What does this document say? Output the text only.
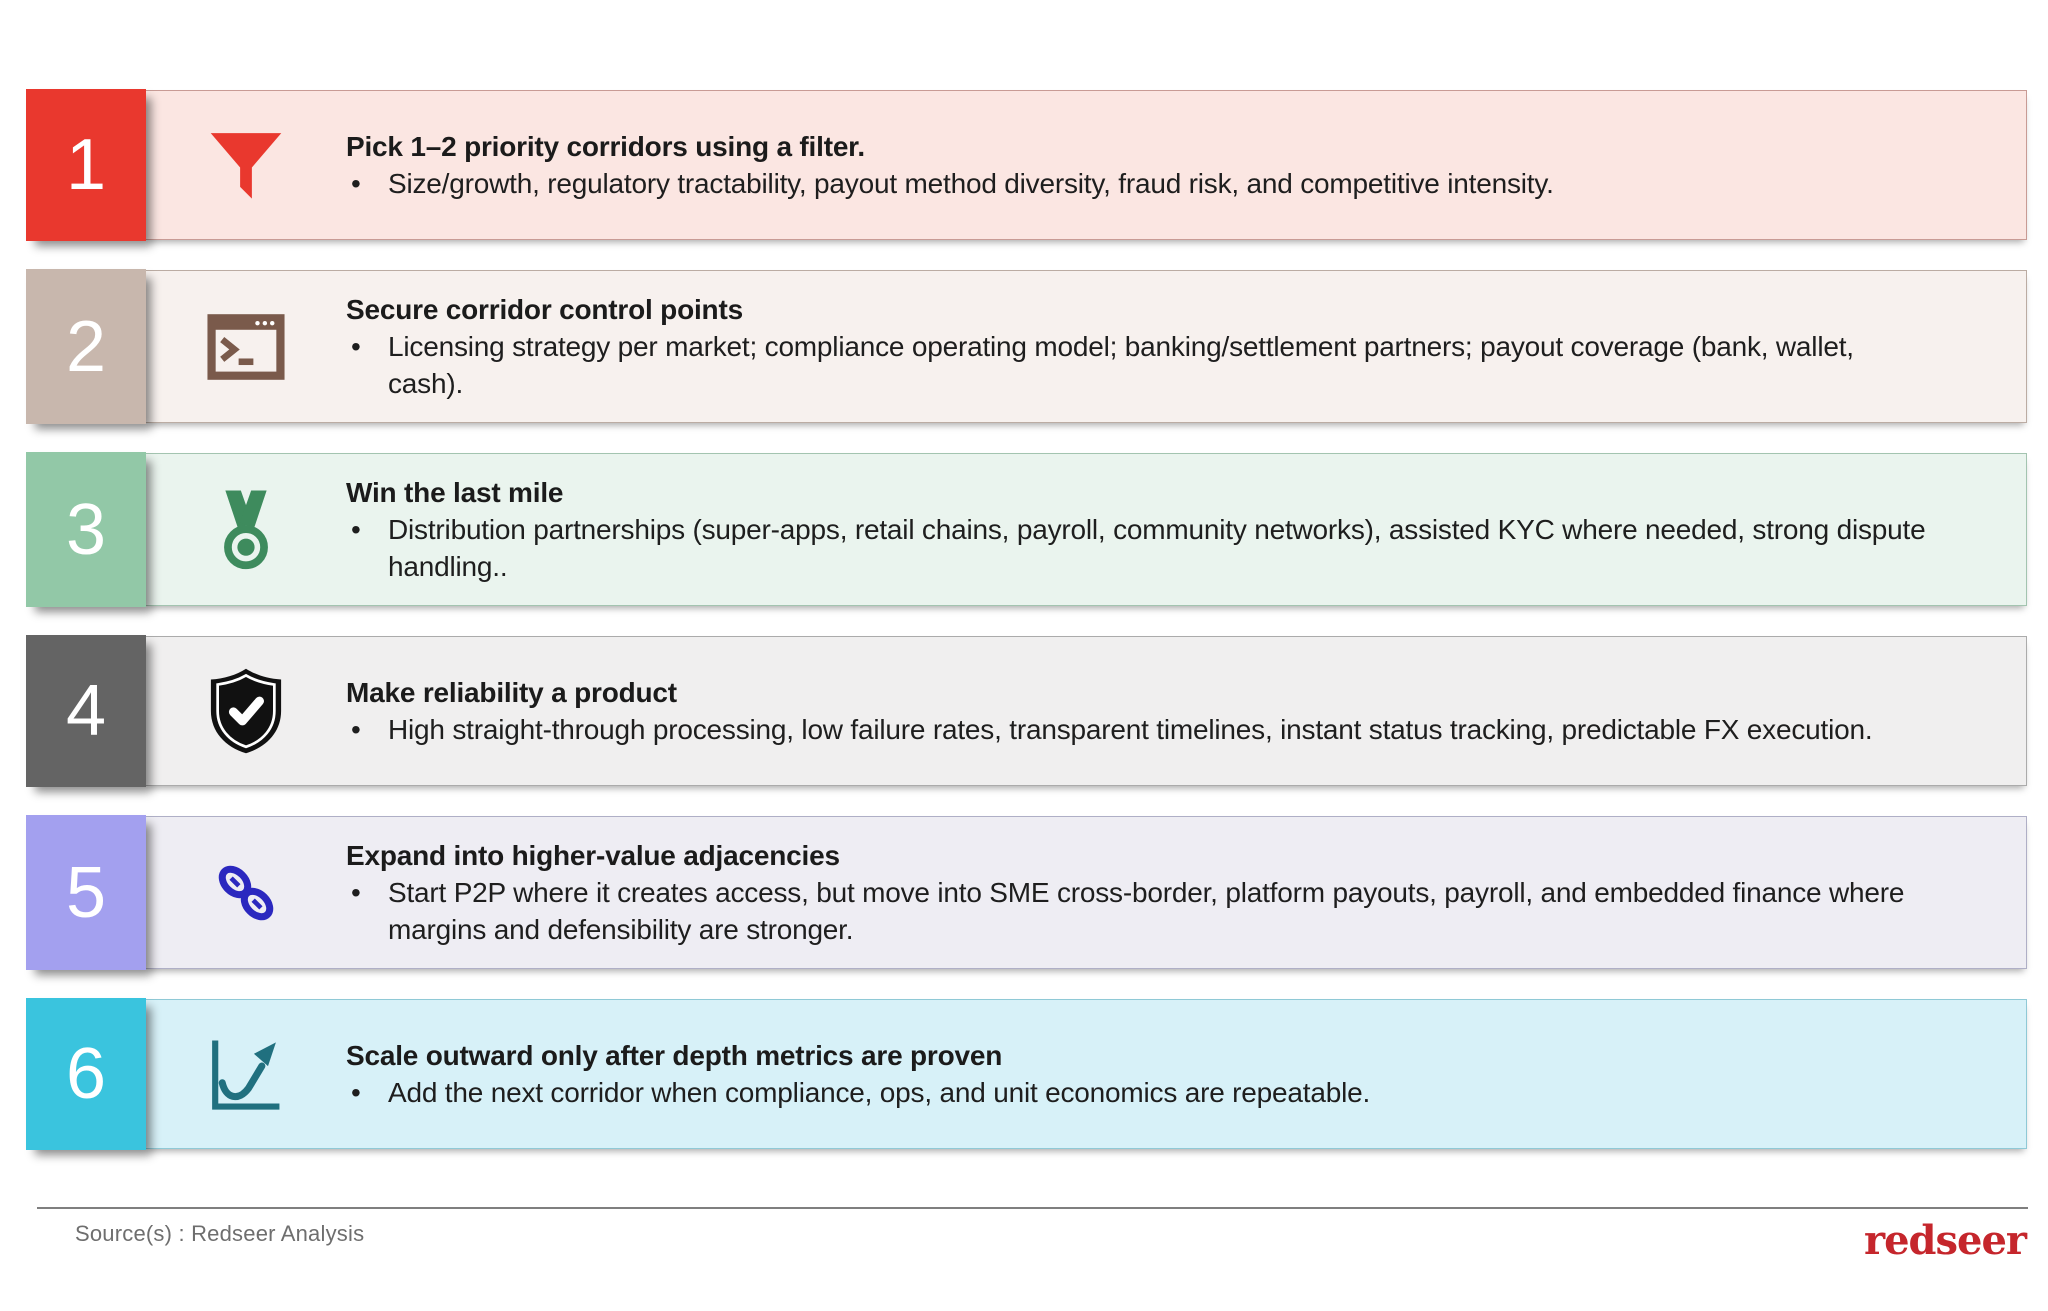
1	Pick 1–2 priority corridors using a filter.
• Size/growth, regulatory tractability, payout method diversity, fraud risk, and competitive intensity.
2	Secure corridor control points
• Licensing strategy per market; compliance operating model; banking/settlement partners; payout coverage (bank, wallet, cash).
3	Win the last mile
• Distribution partnerships (super-apps, retail chains, payroll, community networks), assisted KYC where needed, strong dispute handling..
4	Make reliability a product
• High straight-through processing, low failure rates, transparent timelines, instant status tracking, predictable FX execution.
5	Expand into higher-value adjacencies
• Start P2P where it creates access, but move into SME cross-border, platform payouts, payroll, and embedded finance where margins and defensibility are stronger.
6	Scale outward only after depth metrics are proven
• Add the next corridor when compliance, ops, and unit economics are repeatable.
Source(s) : Redseer Analysis	redseer
